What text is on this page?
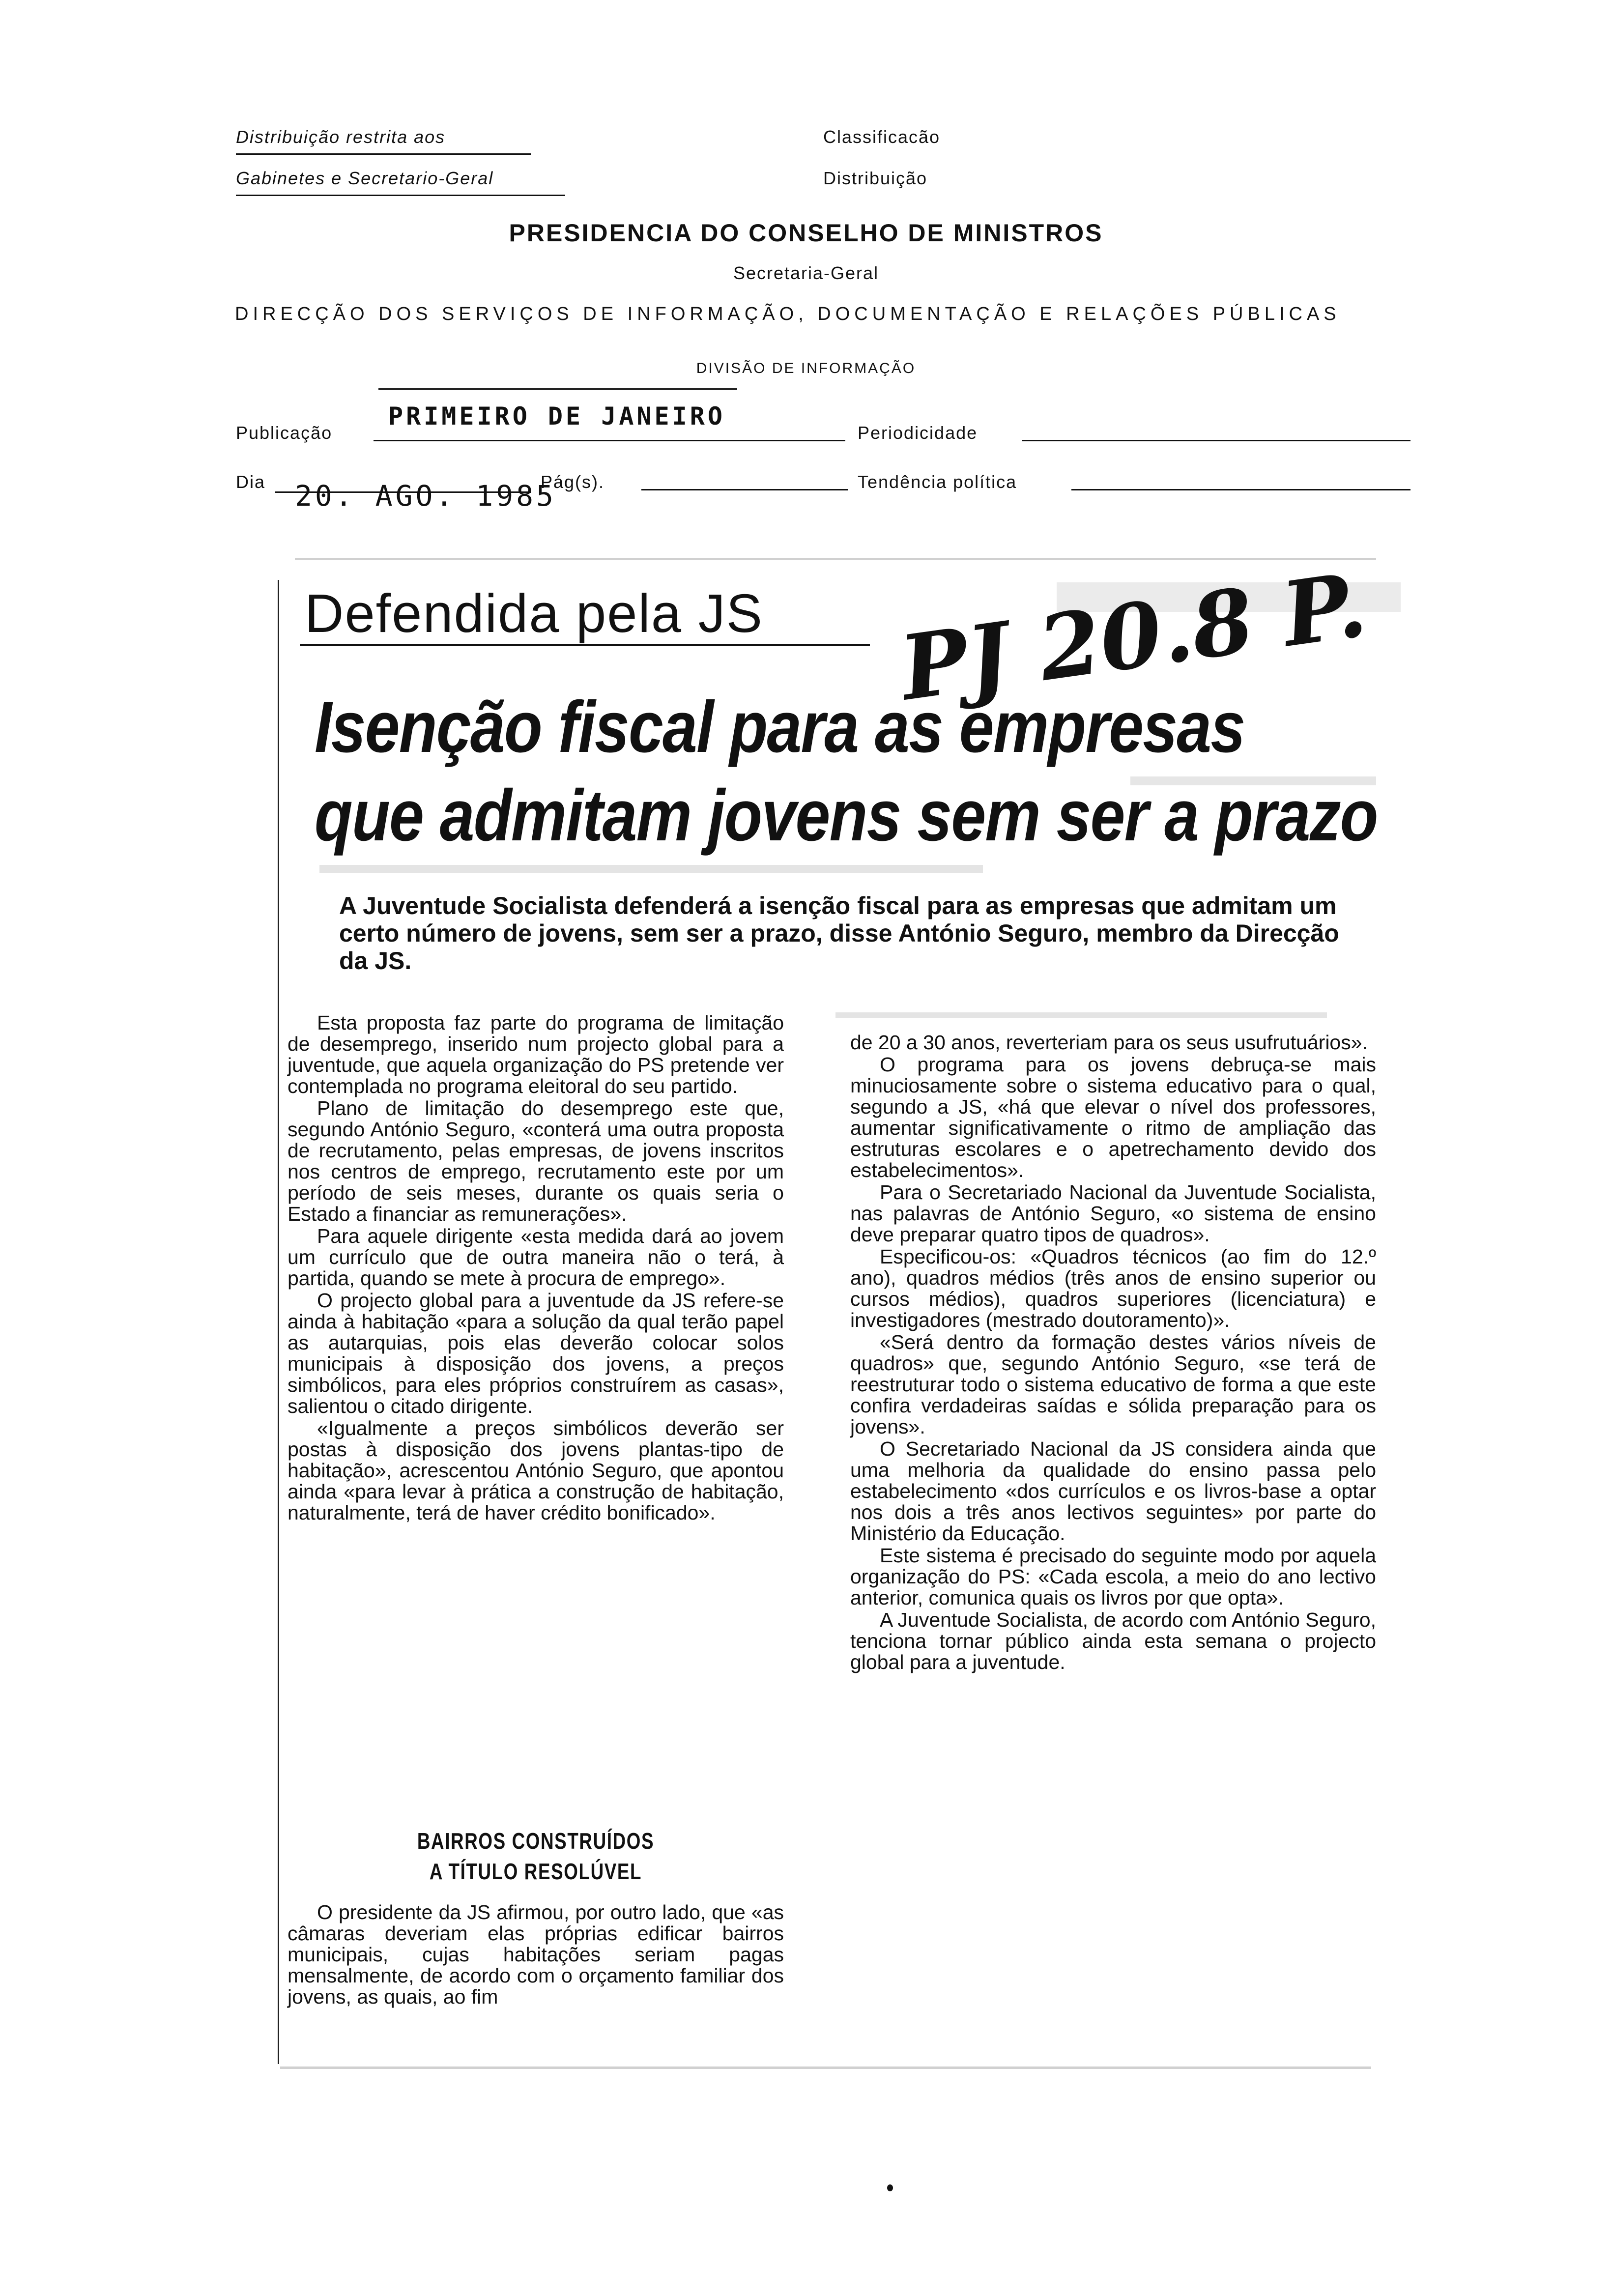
Distribuição restrita aos
Gabinetes e Secretario-Geral
Classificacão
Distribuição
PRESIDENCIA DO CONSELHO DE MINISTROS
Secretaria-Geral
DIRECÇÃO DOS SERVIÇOS DE INFORMAÇÃO, DOCUMENTAÇÃO E RELAÇÕES PÚBLICAS
DIVISÃO DE INFORMAÇÃO
Publicação
PRIMEIRO DE JANEIRO
Periodicidade
Dia 20. AGO. 1985
Pág(s).	Tendência política
Defendida pela JS PJ 20.8 P.
Isenção fiscal para as empresas
que admitam jovens sem ser a prazo
A Juventude Socialista defenderá a isenção fiscal para as empresas que admitam um certo número de jovens, sem ser a prazo, disse António Seguro, membro da Direcção da JS.

Esta proposta faz parte do programa de limitação de desemprego, inserido num projecto global para a juventude, que aquela organização do PS pretende ver contemplada no programa eleitoral do seu partido.

Plano de limitação do desemprego este que, segundo António Seguro, «conterá uma outra proposta de recrutamento, pelas empresas, de jovens inscritos nos centros de emprego, recrutamento este por um período de seis meses, durante os quais seria o Estado a financiar as remunerações».

Para aquele dirigente «esta medida dará ao jovem um currículo que de outra maneira não o terá, à partida, quando se mete à procura de emprego».

O projecto global para a juventude da JS refere-se ainda à habitação «para a solução da qual terão papel as autarquias, pois elas deverão colocar solos municipais à disposição dos jovens, a preços simbólicos, para eles próprios construírem as casas», salientou o citado dirigente.

«Igualmente a preços simbólicos deverão ser postas à disposição dos jovens plantas-tipo de habitação», acrescentou António Seguro, que apontou ainda «para levar à prática a construção de habitação, naturalmente, terá de haver crédito bonificado».

BAIRROS CONSTRUÍDOS
A TÍTULO RESOLÚVEL

O presidente da JS afirmou, por outro lado, que «as câmaras deveriam elas próprias edificar bairros municipais, cujas habitações seriam pagas mensalmente, de acordo com o orçamento familiar dos jovens, as quais, ao fim

de 20 a 30 anos, reverteriam para os seus usufrutuários».

O programa para os jovens debruça-se mais minuciosamente sobre o sistema educativo para o qual, segundo a JS, «há que elevar o nível dos professores, aumentar significativamente o ritmo de ampliação das estruturas escolares e o apetrechamento devido dos estabelecimentos».

Para o Secretariado Nacional da Juventude Socialista, nas palavras de António Seguro, «o sistema de ensino deve preparar quatro tipos de quadros».

Especificou-os: «Quadros técnicos (ao fim do 12.º ano), quadros médios (três anos de ensino superior ou cursos médios), quadros superiores (licenciatura) e investigadores (mestrado doutoramento)».

«Será dentro da formação destes vários níveis de quadros» que, segundo António Seguro, «se terá de reestruturar todo o sistema educativo de forma a que este confira verdadeiras saídas e sólida preparação para os jovens».

O Secretariado Nacional da JS considera ainda que uma melhoria da qualidade do ensino passa pelo estabelecimento «dos currículos e os livros-base a optar nos dois a três anos lectivos seguintes» por parte do Ministério da Educação.

Este sistema é precisado do seguinte modo por aquela organização do PS: «Cada escola, a meio do ano lectivo anterior, comunica quais os livros por que opta».

A Juventude Socialista, de acordo com António Seguro, tenciona tornar público ainda esta semana o projecto global para a juventude.
